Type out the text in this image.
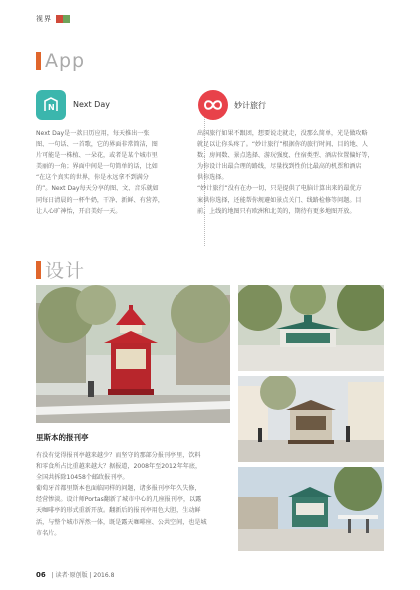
视界
App
N Next Day
Next Day是一款日历应用，每天推出一张
图、一句话、一首歌，它的界面非常简洁，图
片可能是一株植、一朵花，或者是某个城市里
美丽的一角；界面中间是一句简单的话，比如
“在这个真实的世界，你是永远拿不到满分
的”。Next Day每天分享的图、文、音乐就如
同每日清晨的一杯牛奶，干净、新鲜、有营养，
让人心旷神怡，开启美好一天。
妙计旅行
出国旅行如果不跟团，想要说走就走，没那么简单，光是做攻略
就足以让你头疼了。“妙计旅行”根据你的旅行时间、目的地、人
数、房间数、景点选择、游玩强度、住宿类型、酒店位置偏好等，
为你设计出最合理的路线，尽量找到性价比最高的机票和酒店
供你选择。
“妙计旅行”没有在办一切，只是提供了电脑计算出来的最优方
案供你选择，还能帮你规避如景点关门、线路检修等问题。目
前，上线的地图只有欧洲和北美的，期待有更多地图开放。
设计
里斯本的报刊亭
有没有觉得报刊亭越来越少？而坚守的那部分报刊亭里，饮料
和零食所占比重越来越大？据报道，2008年至2012年年底，
全国共拆除10458个邮政报刊亭。
葡萄牙首都里斯本也面临同样的问题，诸多报刊亭年久失修，
经营惨淡。设计师Portas翻新了城市中心的几座报刊亭，以露
天咖啡亭的形式重新开放。翻新后的报刊亭用色大胆，生动鲜
活，与整个城市浑然一体，既是露天咖啡座、公共空间，也是城
市名片。
06 | 读者·原创版 | 2016.8
